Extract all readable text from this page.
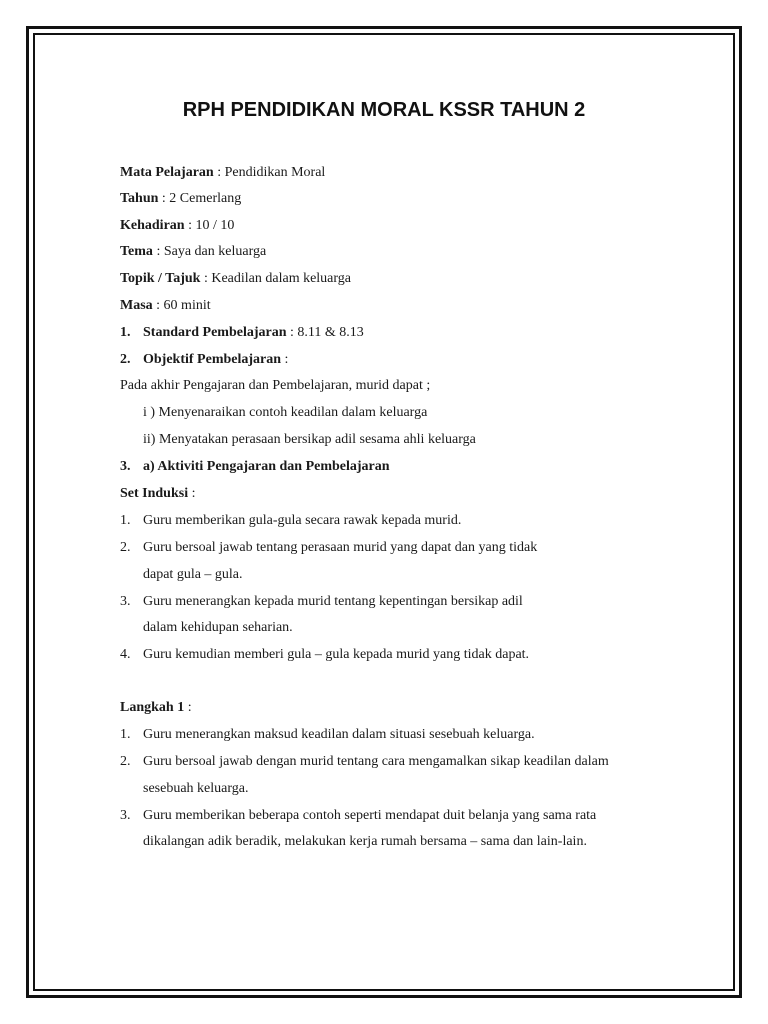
RPH PENDIDIKAN MORAL KSSR TAHUN 2

Mata Pelajaran : Pendidikan Moral

Tahun : 2 Cemerlang

Kehadiran : 10 / 10

Tema : Saya dan keluarga

Topik / Tajuk : Keadilan dalam keluarga

Masa : 60 minit

1. Standard Pembelajaran : 8.11 & 8.13

2. Objektif Pembelajaran :

Pada akhir Pengajaran dan Pembelajaran, murid dapat ;

i ) Menyenaraikan contoh keadilan dalam keluarga

ii) Menyatakan perasaan bersikap adil sesama ahli keluarga

3. a) Aktiviti Pengajaran dan Pembelajaran

Set Induksi :

1. Guru memberikan gula-gula secara rawak kepada murid.

2. Guru bersoal jawab tentang perasaan murid yang dapat dan yang tidak

dapat gula – gula.

3. Guru menerangkan kepada murid tentang kepentingan bersikap adil

dalam kehidupan seharian.

4. Guru kemudian memberi gula – gula kepada murid yang tidak dapat.

Langkah 1 :

1. Guru menerangkan maksud keadilan dalam situasi sesebuah keluarga.

2. Guru bersoal jawab dengan murid tentang cara mengamalkan sikap keadilan dalam

sesebuah keluarga.

3. Guru memberikan beberapa contoh seperti mendapat duit belanja yang sama rata

dikalangan adik beradik, melakukan kerja rumah bersama – sama dan lain-lain.
